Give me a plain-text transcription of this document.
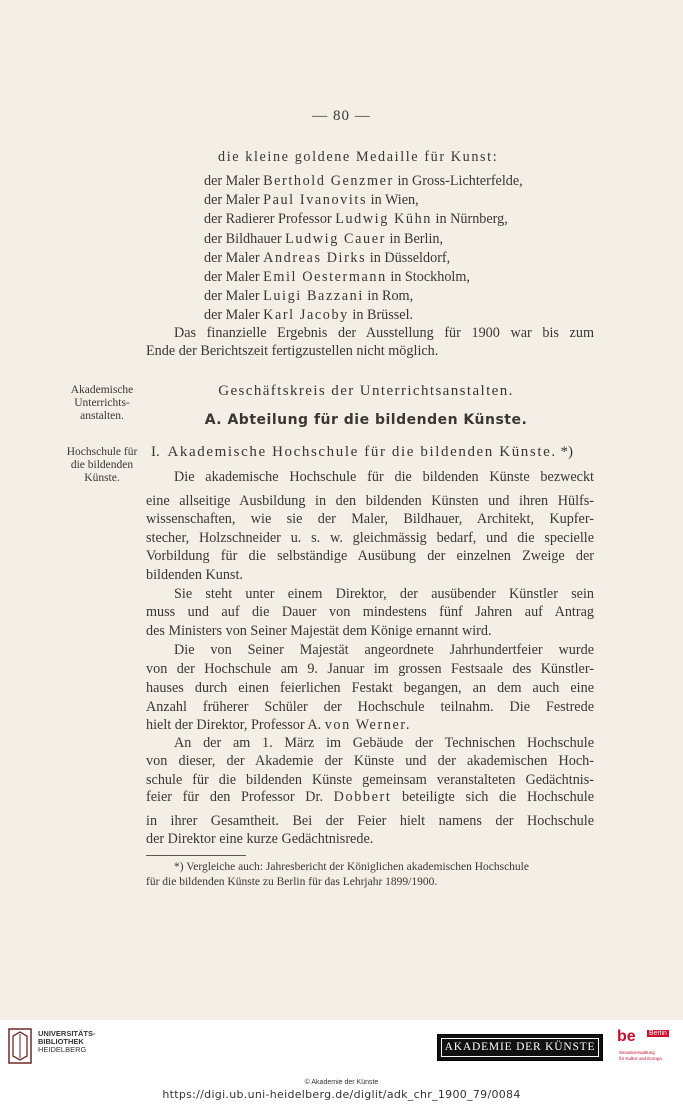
— 80 —
die kleine goldene Medaille für Kunst:
der Maler Berthold Genzmer in Gross-Lichterfelde,
der Maler Paul Ivanovits in Wien,
der Radierer Professor Ludwig Kühn in Nürnberg,
der Bildhauer Ludwig Cauer in Berlin,
der Maler Andreas Dirks in Düsseldorf,
der Maler Emil Oestermann in Stockholm,
der Maler Luigi Bazzani in Rom,
der Maler Karl Jacoby in Brüssel.
Das finanzielle Ergebnis der Ausstellung für 1900 war bis zum
Ende der Berichtszeit fertigzustellen nicht möglich.
Akademische
Unterrichts-
anstalten.
Geschäftskreis der Unterrichtsanstalten.
A. Abteilung für die bildenden Künste.
Hochschule für
die bildenden
Künste.
I. Akademische Hochschule für die bildenden Künste. *)
Die akademische Hochschule für die bildenden Künste bezweckt
eine allseitige Ausbildung in den bildenden Künsten und ihren Hülfs-
wissenschaften, wie sie der Maler, Bildhauer, Architekt, Kupfer-
stecher, Holzschneider u. s. w. gleichmässig bedarf, und die specielle
Vorbildung für die selbständige Ausübung der einzelnen Zweige der
bildenden Kunst.
Sie steht unter einem Direktor, der ausübender Künstler sein
muss und auf die Dauer von mindestens fünf Jahren auf Antrag
des Ministers von Seiner Majestät dem Könige ernannt wird.
Die von Seiner Majestät angeordnete Jahrhundertfeier wurde
von der Hochschule am 9. Januar im grossen Festsaale des Künstler-
hauses durch einen feierlichen Festakt begangen, an dem auch eine
Anzahl früherer Schüler der Hochschule teilnahm. Die Festrede
hielt der Direktor, Professor A. von Werner.
An der am 1. März im Gebäude der Technischen Hochschule
von dieser, der Akademie der Künste und der akademischen Hoch-
schule für die bildenden Künste gemeinsam veranstalteten Gedächtnis-
feier für den Professor Dr. Dobbert beteiligte sich die Hochschule
in ihrer Gesamtheit. Bei der Feier hielt namens der Hochschule
der Direktor eine kurze Gedächtnisrede.
*) Vergleiche auch: Jahresbericht der Königlichen akademischen Hochschule
für die bildenden Künste zu Berlin für das Lehrjahr 1899/1900.
UNIVERSITÄTS-
BIBLIOTHEK
HEIDELBERG	AKADEMIE DER KÜNSTE
be Berlin
Senatsverwaltung
für Kultur und Europa
© Akademie der Künste
https://digi.ub.uni-heidelberg.de/diglit/adk_chr_1900_79/0084
